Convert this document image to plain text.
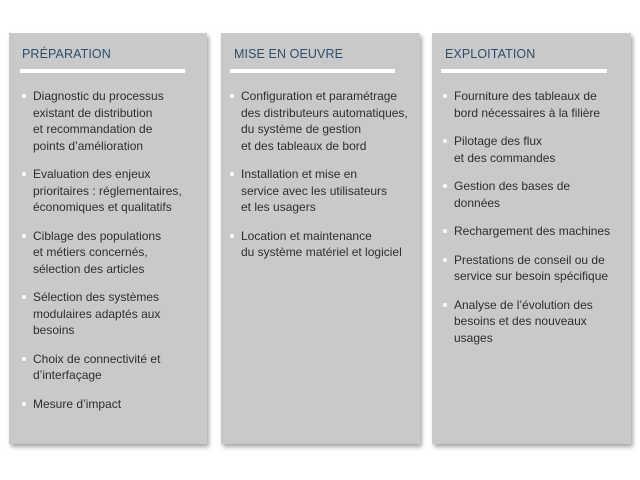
PRÉPARATION
Diagnostic du processus
existant de distribution
et recommandation de
points d’amélioration
Evaluation des enjeux
prioritaires : réglementaires,
économiques et qualitatifs
Ciblage des populations
et métiers concernés,
sélection des articles
Sélection des systèmes
modulaires adaptés aux
besoins
Choix de connectivité et
d’interfaçage
Mesure d’impact
MISE EN OEUVRE
Configuration et paramétrage
des distributeurs automatiques,
du système de gestion
et des tableaux de bord
Installation et mise en
service avec les utilisateurs
et les usagers
Location et maintenance
du système matériel et logiciel
EXPLOITATION
Fourniture des tableaux de
bord nécessaires à la filière
Pilotage des flux
et des commandes
Gestion des bases de
données
Rechargement des machines
Prestations de conseil ou de
service sur besoin spécifique
Analyse de l’évolution des
besoins et des nouveaux
usages
